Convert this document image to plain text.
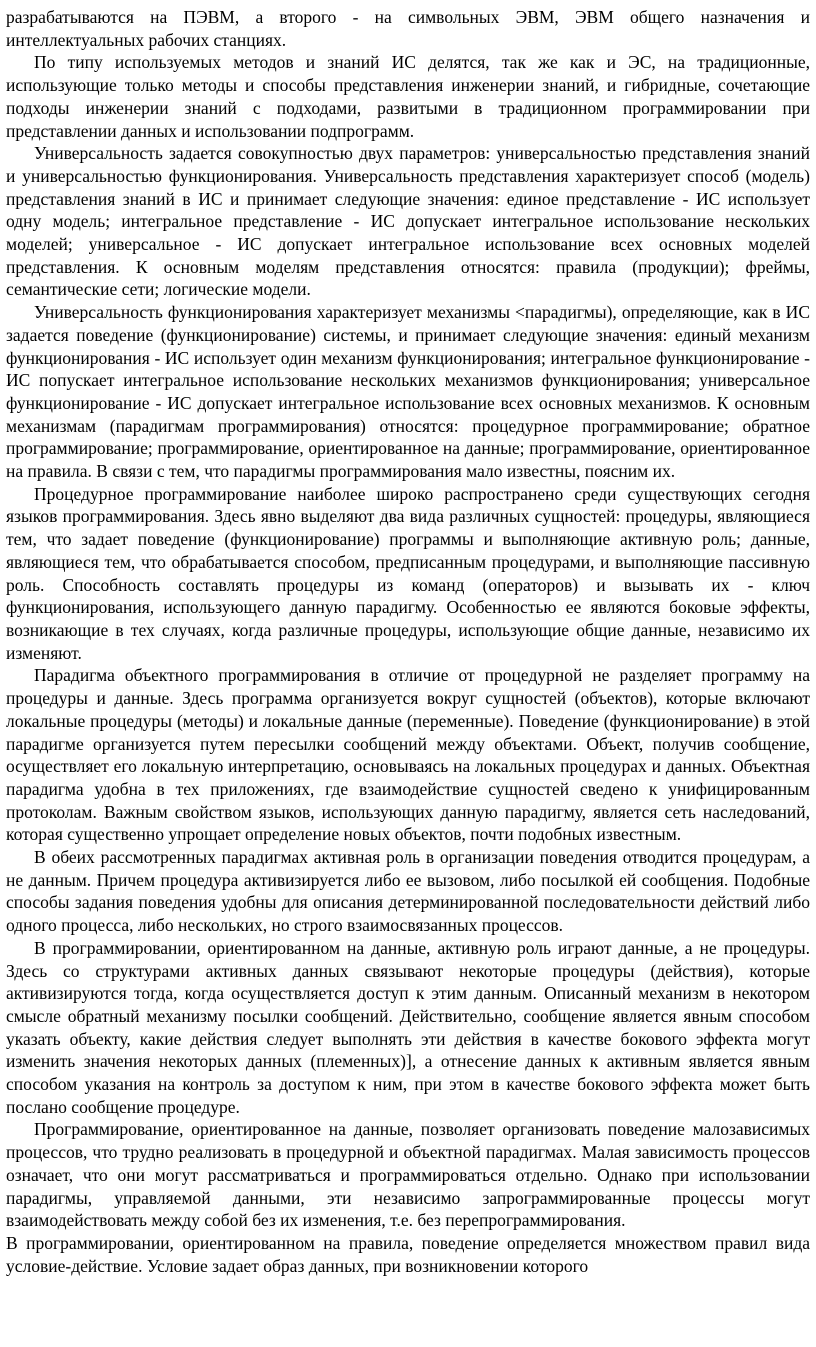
разрабатываются на ПЭВМ, а второго - на символьных ЭВМ, ЭВМ общего назначения и интеллектуальных рабочих станциях.

По типу используемых методов и знаний ИС делятся, так же как и ЭС, на традиционные, использующие только методы и способы представления инженерии знаний, и гибридные, сочетающие подходы инженерии знаний с подходами, развитыми в традиционном программировании при представлении данных и использовании подпрограмм.

Универсальность задается совокупностью двух параметров: универсальностью представления знаний и универсальностью функционирования. Универсальность представления характеризует способ (модель) представления знаний в ИС и принимает следующие значения: единое представление - ИС использует одну модель; интегральное представление - ИС допускает интегральное использование нескольких моделей; универсальное - ИС допускает интегральное использование всех основных моделей представления. К основным моделям представления относятся: правила (продукции); фреймы, семантические сети; логические модели.

Универсальность функционирования характеризует механизмы <парадигмы), определяющие, как в ИС задается поведение (функционирование) системы, и принимает следующие значения: единый механизм функционирования - ИС использует один механизм функционирования; интегральное функционирование - ИС попускает интегральное использование нескольких механизмов функционирования; универсальное функционирование - ИС допускает интегральное использование всех основных механизмов. К основным механизмам (парадигмам программирования) относятся: процедурное программирование; обратное программирование; программирование, ориентированное на данные; программирование, ориентированное на правила. В связи с тем, что парадигмы программирования мало известны, поясним их.

Процедурное программирование наиболее широко распространено среди существующих сегодня языков программирования. Здесь явно выделяют два вида различных сущностей: процедуры, являющиеся тем, что задает поведение (функционирование) программы и выполняющие активную роль; данные, являющиеся тем, что обрабатывается способом, предписанным процедурами, и выполняющие пассивную роль. Способность составлять процедуры из команд (операторов) и вызывать их - ключ функционирования, использующего данную парадигму. Особенностью ее являются боковые эффекты, возникающие в тех случаях, когда различные процедуры, использующие общие данные, независимо их изменяют.

Парадигма объектного программирования в отличие от процедурной не разделяет программу на процедуры и данные. Здесь программа организуется вокруг сущностей (объектов), которые включают локальные процедуры (методы) и локальные данные (переменные). Поведение (функционирование) в этой парадигме организуется путем пересылки сообщений между объектами. Объект, получив сообщение, осуществляет его локальную интерпретацию, основываясь на локальных процедурах и данных. Объектная парадигма удобна в тех приложениях, где взаимодействие сущностей сведено к унифицированным протоколам. Важным свойством языков, использующих данную парадигму, является сеть наследований, которая существенно упрощает определение новых объектов, почти подобных известным.

В обеих рассмотренных парадигмах активная роль в организации поведения отводится процедурам, а не данным. Причем процедура активизируется либо ее вызовом, либо посылкой ей сообщения. Подобные способы задания поведения удобны для описания детерминированной последовательности действий либо одного процесса, либо нескольких, но строго взаимосвязанных процессов.

В программировании, ориентированном на данные, активную роль играют данные, а не процедуры. Здесь со структурами активных данных связывают некоторые процедуры (действия), которые активизируются тогда, когда осуществляется доступ к этим данным. Описанный механизм в некотором смысле обратный механизму посылки сообщений. Действительно, сообщение является явным способом указать объекту, какие действия следует выполнять эти действия в качестве бокового эффекта могут изменить значения некоторых данных (племенных)], а отнесение данных к активным является явным способом указания на контроль за доступом к ним, при этом в качестве бокового эффекта может быть послано сообщение процедуре.

Программирование, ориентированное на данные, позволяет организовать поведение малозависимых процессов, что трудно реализовать в процедурной и объектной парадигмах. Малая зависимость процессов означает, что они могут рассматриваться и программироваться отдельно. Однако при использовании парадигмы, управляемой данными, эти независимо запрограммированные процессы могут взаимодействовать между собой без их изменения, т.е. без перепрограммирования.

В программировании, ориентированном на правила, поведение определяется множеством правил вида условие-действие. Условие задает образ данных, при возникновении которого
